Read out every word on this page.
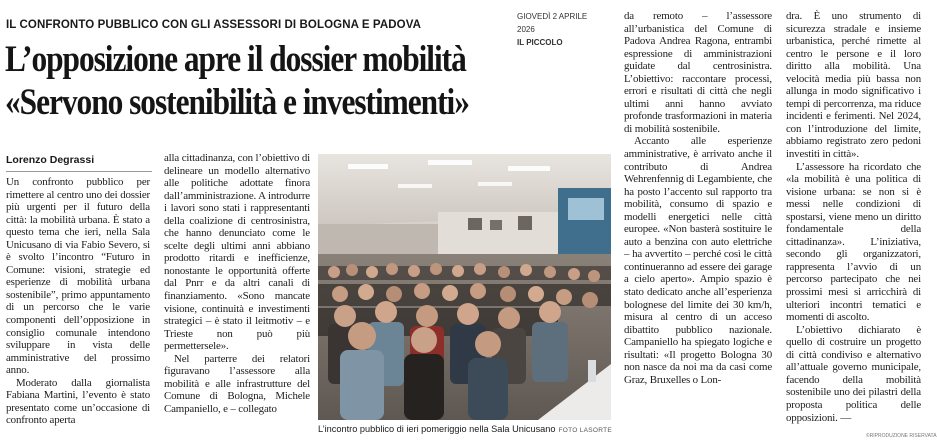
IL CONFRONTO PUBBLICO CON GLI ASSESSORI DI BOLOGNA E PADOVA
GIOVEDÌ 2 APRILE 2026
IL PICCOLO
L’opposizione apre il dossier mobilità
«Servono sostenibilità e investimenti»
Lorenzo Degrassi

Un confronto pubblico per rimettere al centro uno dei dossier più urgenti per il futuro della città: la mobilità urbana. È stato a questo tema che ieri, nella Sala Unicusano di via Fabio Severo, si è svolto l’incontro “Futuro in Comune: visioni, strategie ed esperienze di mobilità urbana sostenibile”, primo appuntamento di un percorso che le varie componenti dell’opposizione in consiglio comunale intendono sviluppare in vista delle amministrative del prossimo anno.

Moderato dalla giornalista Fabiana Martini, l’evento è stato presentato come un’occasione di confronto aperta

alla cittadinanza, con l’obiettivo di delineare un modello alternativo alle politiche adottate finora dall’amministrazione. A introdurre i lavori sono stati i rappresentanti della coalizione di centrosinistra, che hanno denunciato come le scelte degli ultimi anni abbiano prodotto ritardi e inefficienze, nonostante le opportunità offerte dal Pnrr e da altri canali di finanziamento. «Sono mancate visione, continuità e investimenti strategici – è stato il leitmotiv – e Trieste non può più permettersele».

Nel parterre dei relatori figuravano l’assessore alla mobilità e alle infrastrutture del Comune di Bologna, Michele Campaniello, e – collegato

L’incontro pubblico di ieri pomeriggio nella Sala Unicusano FOTO LASORTE

da remoto – l’assessore all’urbanistica del Comune di Padova Andrea Ragona, entrambi espressione di amministrazioni guidate dal centrosinistra. L’obiettivo: raccontare processi, errori e risultati di città che negli ultimi anni hanno avviato profonde trasformazioni in materia di mobilità sostenibile.

Accanto alle esperienze amministrative, è arrivato anche il contributo di Andrea Wehrenfennig di Legambiente, che ha posto l’accento sul rapporto tra mobilità, consumo di spazio e modelli energetici nelle città europee. «Non basterà sostituire le auto a benzina con auto elettriche – ha avvertito – perché così le città continueranno ad essere dei garage a cielo aperto». Ampio spazio è stato dedicato anche all’esperienza bolognese del limite dei 30 km/h, misura al centro di un acceso dibattito pubblico nazionale. Campaniello ha spiegato logiche e risultati: «Il progetto Bologna 30 non nasce da noi ma da casi come Graz, Bruxelles o Lon-

dra. È uno strumento di sicurezza stradale e insieme urbanistica, perché rimette al centro le persone e il loro diritto alla mobilità. Una velocità media più bassa non allunga in modo significativo i tempi di percorrenza, ma riduce incidenti e ferimenti. Nel 2024, con l’introduzione del limite, abbiamo registrato zero pedoni investiti in città».

L’assessore ha ricordato che «la mobilità è una politica di visione urbana: se non si è messi nelle condizioni di spostarsi, viene meno un diritto fondamentale della cittadinanza». L’iniziativa, secondo gli organizzatori, rappresenta l’avvio di un percorso partecipato che nei prossimi mesi si arricchirà di ulteriori incontri tematici e momenti di ascolto.

L’obiettivo dichiarato è quello di costruire un progetto di città condiviso e alternativo all’attuale governo municipale, facendo della mobilità sostenibile uno dei pilastri della proposta politica delle opposizioni. —

©RIPRODUZIONE RISERVATA
